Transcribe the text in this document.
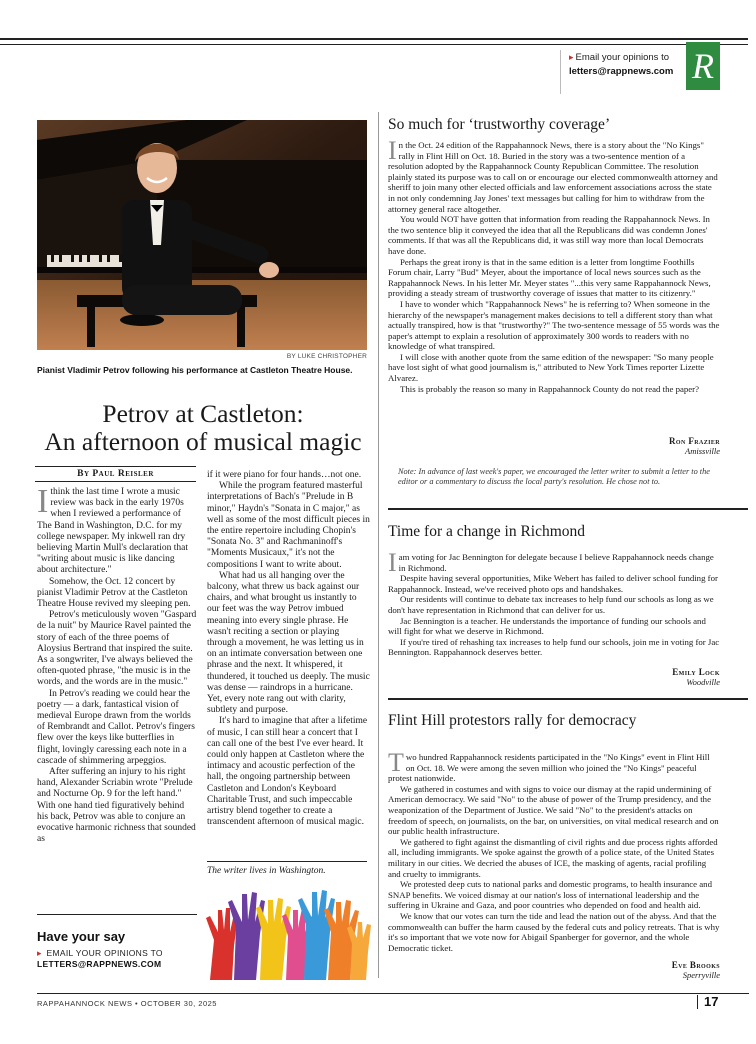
▸ Email your opinions to
letters@rappnews.com R
BY LUKE CHRISTOPHER
Pianist Vladimir Petrov following his performance at Castleton Theatre House.
Petrov at Castleton:
An afternoon of musical magic
By Paul Reisler

Ithink the last time I wrote a music review was back in the early 1970s when I reviewed a performance of The Band in Washington, D.C. for my college newspaper. My inkwell ran dry believing Martin Mull's declaration that "writing about music is like dancing about architecture."

Somehow, the Oct. 12 concert by pianist Vladimir Petrov at the Castleton Theatre House revived my sleeping pen.

Petrov's meticulously woven "Gaspard de la nuit" by Maurice Ravel painted the story of each of the three poems of Aloysius Bertrand that inspired the suite. As a songwriter, I've always believed the often-quoted phrase, "the music is in the words, and the words are in the music."

In Petrov's reading we could hear the poetry — a dark, fantastical vision of medieval Europe drawn from the worlds of Rembrandt and Callot. Petrov's fingers flew over the keys like butterflies in flight, lovingly caressing each note in a cascade of shimmering arpeggios.

After suffering an injury to his right hand, Alexander Scriabin wrote "Prelude and Nocturne Op. 9 for the left hand." With one hand tied figuratively behind his back, Petrov was able to conjure an evocative harmonic richness that sounded as

if it were piano for four hands…not one.

While the program featured masterful interpretations of Bach's "Prelude in B minor," Haydn's "Sonata in C major," as well as some of the most difficult pieces in the entire repertoire including Chopin's "Sonata No. 3" and Rachmaninoff's "Moments Musicaux," it's not the compositions I want to write about.

What had us all hanging over the balcony, what threw us back against our chairs, and what brought us instantly to our feet was the way Petrov imbued meaning into every single phrase. He wasn't reciting a section or playing through a movement, he was letting us in on an intimate conversation between one phrase and the next. It whispered, it thundered, it touched us deeply. The music was dense — raindrops in a hurricane. Yet, every note rang out with clarity, subtlety and purpose.

It's hard to imagine that after a lifetime of music, I can still hear a concert that I can call one of the best I've ever heard. It could only happen at Castleton where the intimacy and acoustic perfection of the hall, the ongoing partnership between Castleton and London's Keyboard Charitable Trust, and such impeccable artistry blend together to create a transcendent afternoon of musical magic.

The writer lives in Washington.
Have your say
▸ EMAIL YOUR OPINIONS TO
LETTERS@RAPPNEWS.COM
So much for ‘trustworthy coverage’

In the Oct. 24 edition of the Rappahannock News, there is a story about the "No Kings" rally in Flint Hill on Oct. 18. Buried in the story was a two-sentence mention of a resolution adopted by the Rappahannock County Republican Committee. The resolution plainly stated its purpose was to call on or encourage our elected commonwealth attorney and sheriff to join many other elected officials and law enforcement associations across the state in not only condemning Jay Jones' text messages but calling for him to withdraw from the attorney general race altogether.

You would NOT have gotten that information from reading the Rappahannock News. In the two sentence blip it conveyed the idea that all the Republicans did was condemn Jones' comments. If that was all the Republicans did, it was still way more than local Democrats have done.

Perhaps the great irony is that in the same edition is a letter from longtime Foothills Forum chair, Larry "Bud" Meyer, about the importance of local news sources such as the Rappahannock News. In his letter Mr. Meyer states "...this very same Rappahannock News, providing a steady stream of trustworthy coverage of issues that matter to its citizenry."

I have to wonder which "Rappahannock News" he is referring to? When someone in the hierarchy of the newspaper's management makes decisions to tell a different story than what actually transpired, how is that "trustworthy?" The two-sentence message of 55 words was the paper's attempt to explain a resolution of approximately 300 words to readers with no knowledge of what transpired.

I will close with another quote from the same edition of the newspaper: "So many people have lost sight of what good journalism is," attributed to New York Times reporter Lizette Alvarez.

This is probably the reason so many in Rappahannock County do not read the paper?

Ron Frazier
Amissville
Note: In advance of last week's paper, we encouraged the letter writer to submit a letter to the editor or a commentary to discuss the local party's resolution. He chose not to.
Time for a change in Richmond

I am voting for Jac Bennington for delegate because I believe Rappahannock needs change in Richmond.

Despite having several opportunities, Mike Webert has failed to deliver school funding for Rappahannock. Instead, we've received photo ops and handshakes.

Our residents will continue to debate tax increases to help fund our schools as long as we don't have representation in Richmond that can deliver for us.

Jac Bennington is a teacher. He understands the importance of funding our schools and will fight for what we deserve in Richmond.

If you're tired of rehashing tax increases to help fund our schools, join me in voting for Jac Bennington. Rappahannock deserves better.

Emily Lock
Woodville
Flint Hill protestors rally for democracy

Two hundred Rappahannock residents participated in the "No Kings" event in Flint Hill on Oct. 18. We were among the seven million who joined the "No Kings" peaceful protest nationwide.

We gathered in costumes and with signs to voice our dismay at the rapid undermining of American democracy. We said "No" to the abuse of power of the Trump presidency, and the weaponization of the Department of Justice. We said "No" to the president's attacks on freedom of speech, on journalists, on the bar, on universities, on vital medical research and on our public health infrastructure.

We gathered to fight against the dismantling of civil rights and due process rights afforded all, including immigrants. We spoke against the growth of a police state, of the United States military in our cities. We decried the abuses of ICE, the masking of agents, racial profiling and cruelty to immigrants.

We protested deep cuts to national parks and domestic programs, to health insurance and SNAP benefits. We voiced dismay at our nation's loss of international leadership and the suffering in Ukraine and Gaza, and poor countries who depended on food and health aid.

We know that our votes can turn the tide and lead the nation out of the abyss. And that the commonwealth can buffer the harm caused by the federal cuts and policy retreats. That is why it's so important that we vote now for Abigail Spanberger for governor, and the whole Democratic ticket.

Eve Brooks
Sperryville
RAPPAHANNOCK NEWS • OCTOBER 30, 2025	17
